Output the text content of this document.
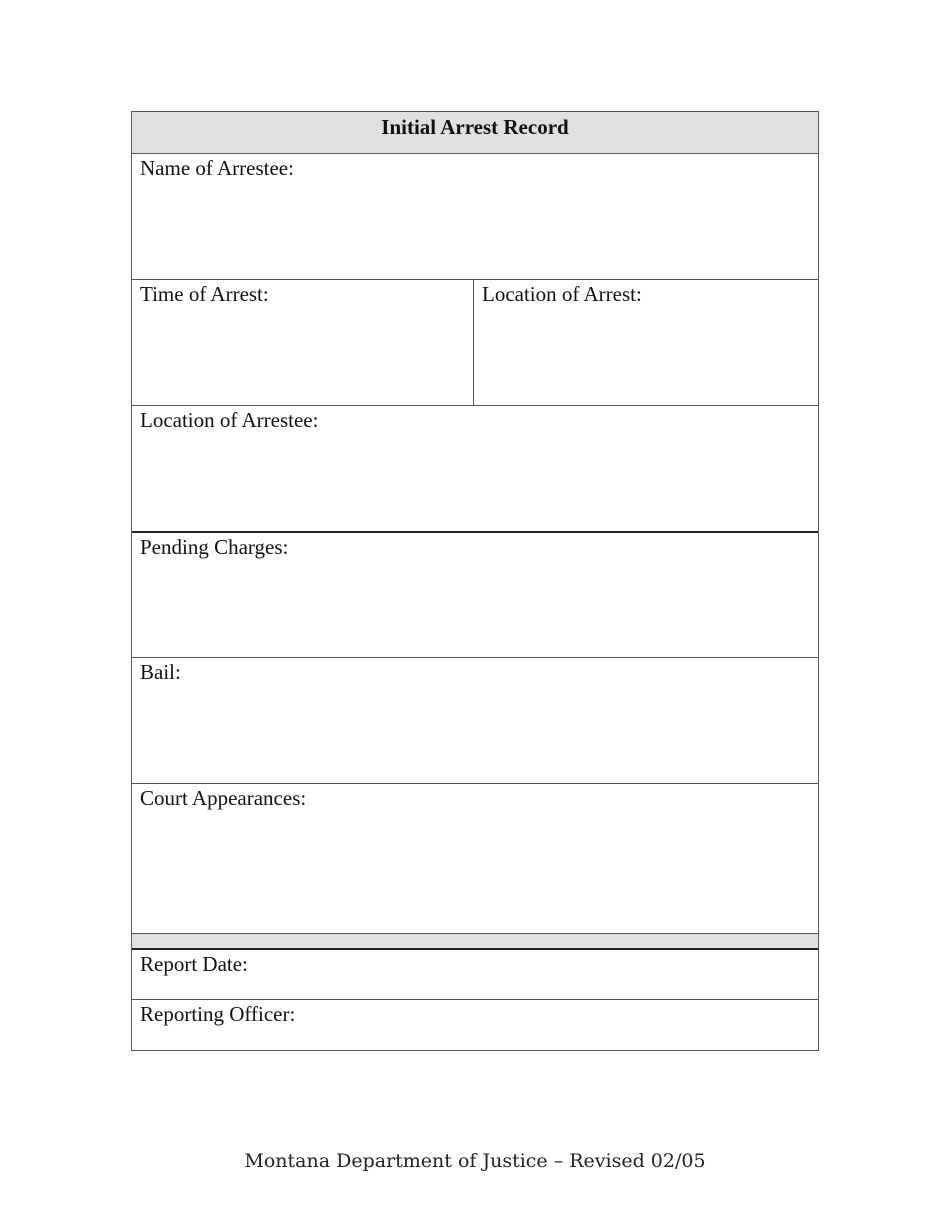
Initial Arrest Record
Name of Arrestee:
Time of Arrest:	Location of Arrest:
Location of Arrestee:
Pending Charges:
Bail:
Court Appearances:
Report Date:
Reporting Officer:
Montana Department of Justice – Revised 02/05
